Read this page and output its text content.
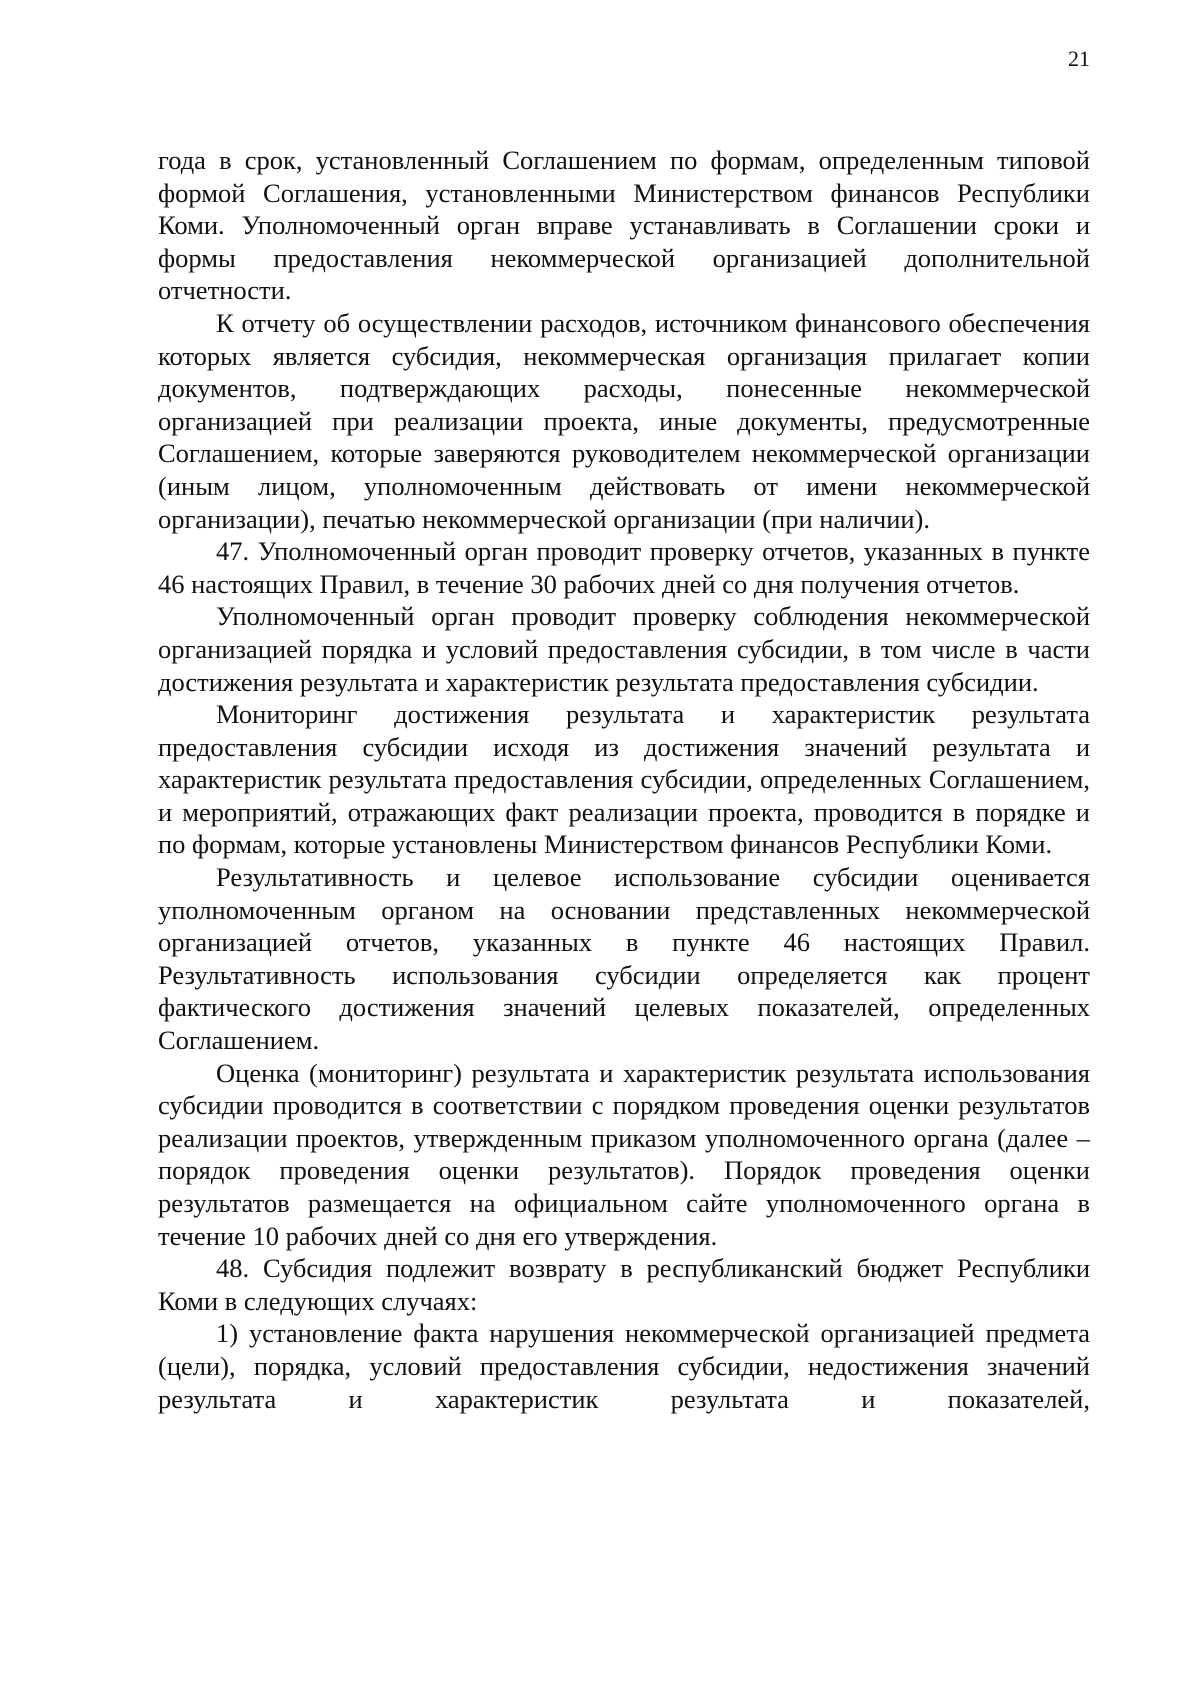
21

года в срок, установленный Соглашением по формам, определенным типовой формой Соглашения, установленными Министерством финансов Республики Коми. Уполномоченный орган вправе устанавливать в Соглашении сроки и формы предоставления некоммерческой организацией дополнительной отчетности.

К отчету об осуществлении расходов, источником финансового обеспечения которых является субсидия, некоммерческая организация прилагает копии документов, подтверждающих расходы, понесенные некоммерческой организацией при реализации проекта, иные документы, предусмотренные Соглашением, которые заверяются руководителем некоммерческой организации (иным лицом, уполномоченным действовать от имени некоммерческой организации), печатью некоммерческой организации (при наличии).

47. Уполномоченный орган проводит проверку отчетов, указанных в пункте 46 настоящих Правил, в течение 30 рабочих дней со дня получения отчетов.

Уполномоченный орган проводит проверку соблюдения некоммерческой организацией порядка и условий предоставления субсидии, в том числе в части достижения результата и характеристик результата предоставления субсидии.

Мониторинг достижения результата и характеристик результата предоставления субсидии исходя из достижения значений результата и характеристик результата предоставления субсидии, определенных Соглашением, и мероприятий, отражающих факт реализации проекта, проводится в порядке и по формам, которые установлены Министерством финансов Республики Коми.

Результативность и целевое использование субсидии оценивается уполномоченным органом на основании представленных некоммерческой организацией отчетов, указанных в пункте 46 настоящих Правил. Результативность использования субсидии определяется как процент фактического достижения значений целевых показателей, определенных Соглашением.

Оценка (мониторинг) результата и характеристик результата использования субсидии проводится в соответствии с порядком проведения оценки результатов реализации проектов, утвержденным приказом уполномоченного органа (далее – порядок проведения оценки результатов). Порядок проведения оценки результатов размещается на официальном сайте уполномоченного органа в течение 10 рабочих дней со дня его утверждения.

48. Субсидия подлежит возврату в республиканский бюджет Республики Коми в следующих случаях:

1) установление факта нарушения некоммерческой организацией предмета (цели), порядка, условий предоставления субсидии, недостижения значений результата и характеристик результата и показателей,
